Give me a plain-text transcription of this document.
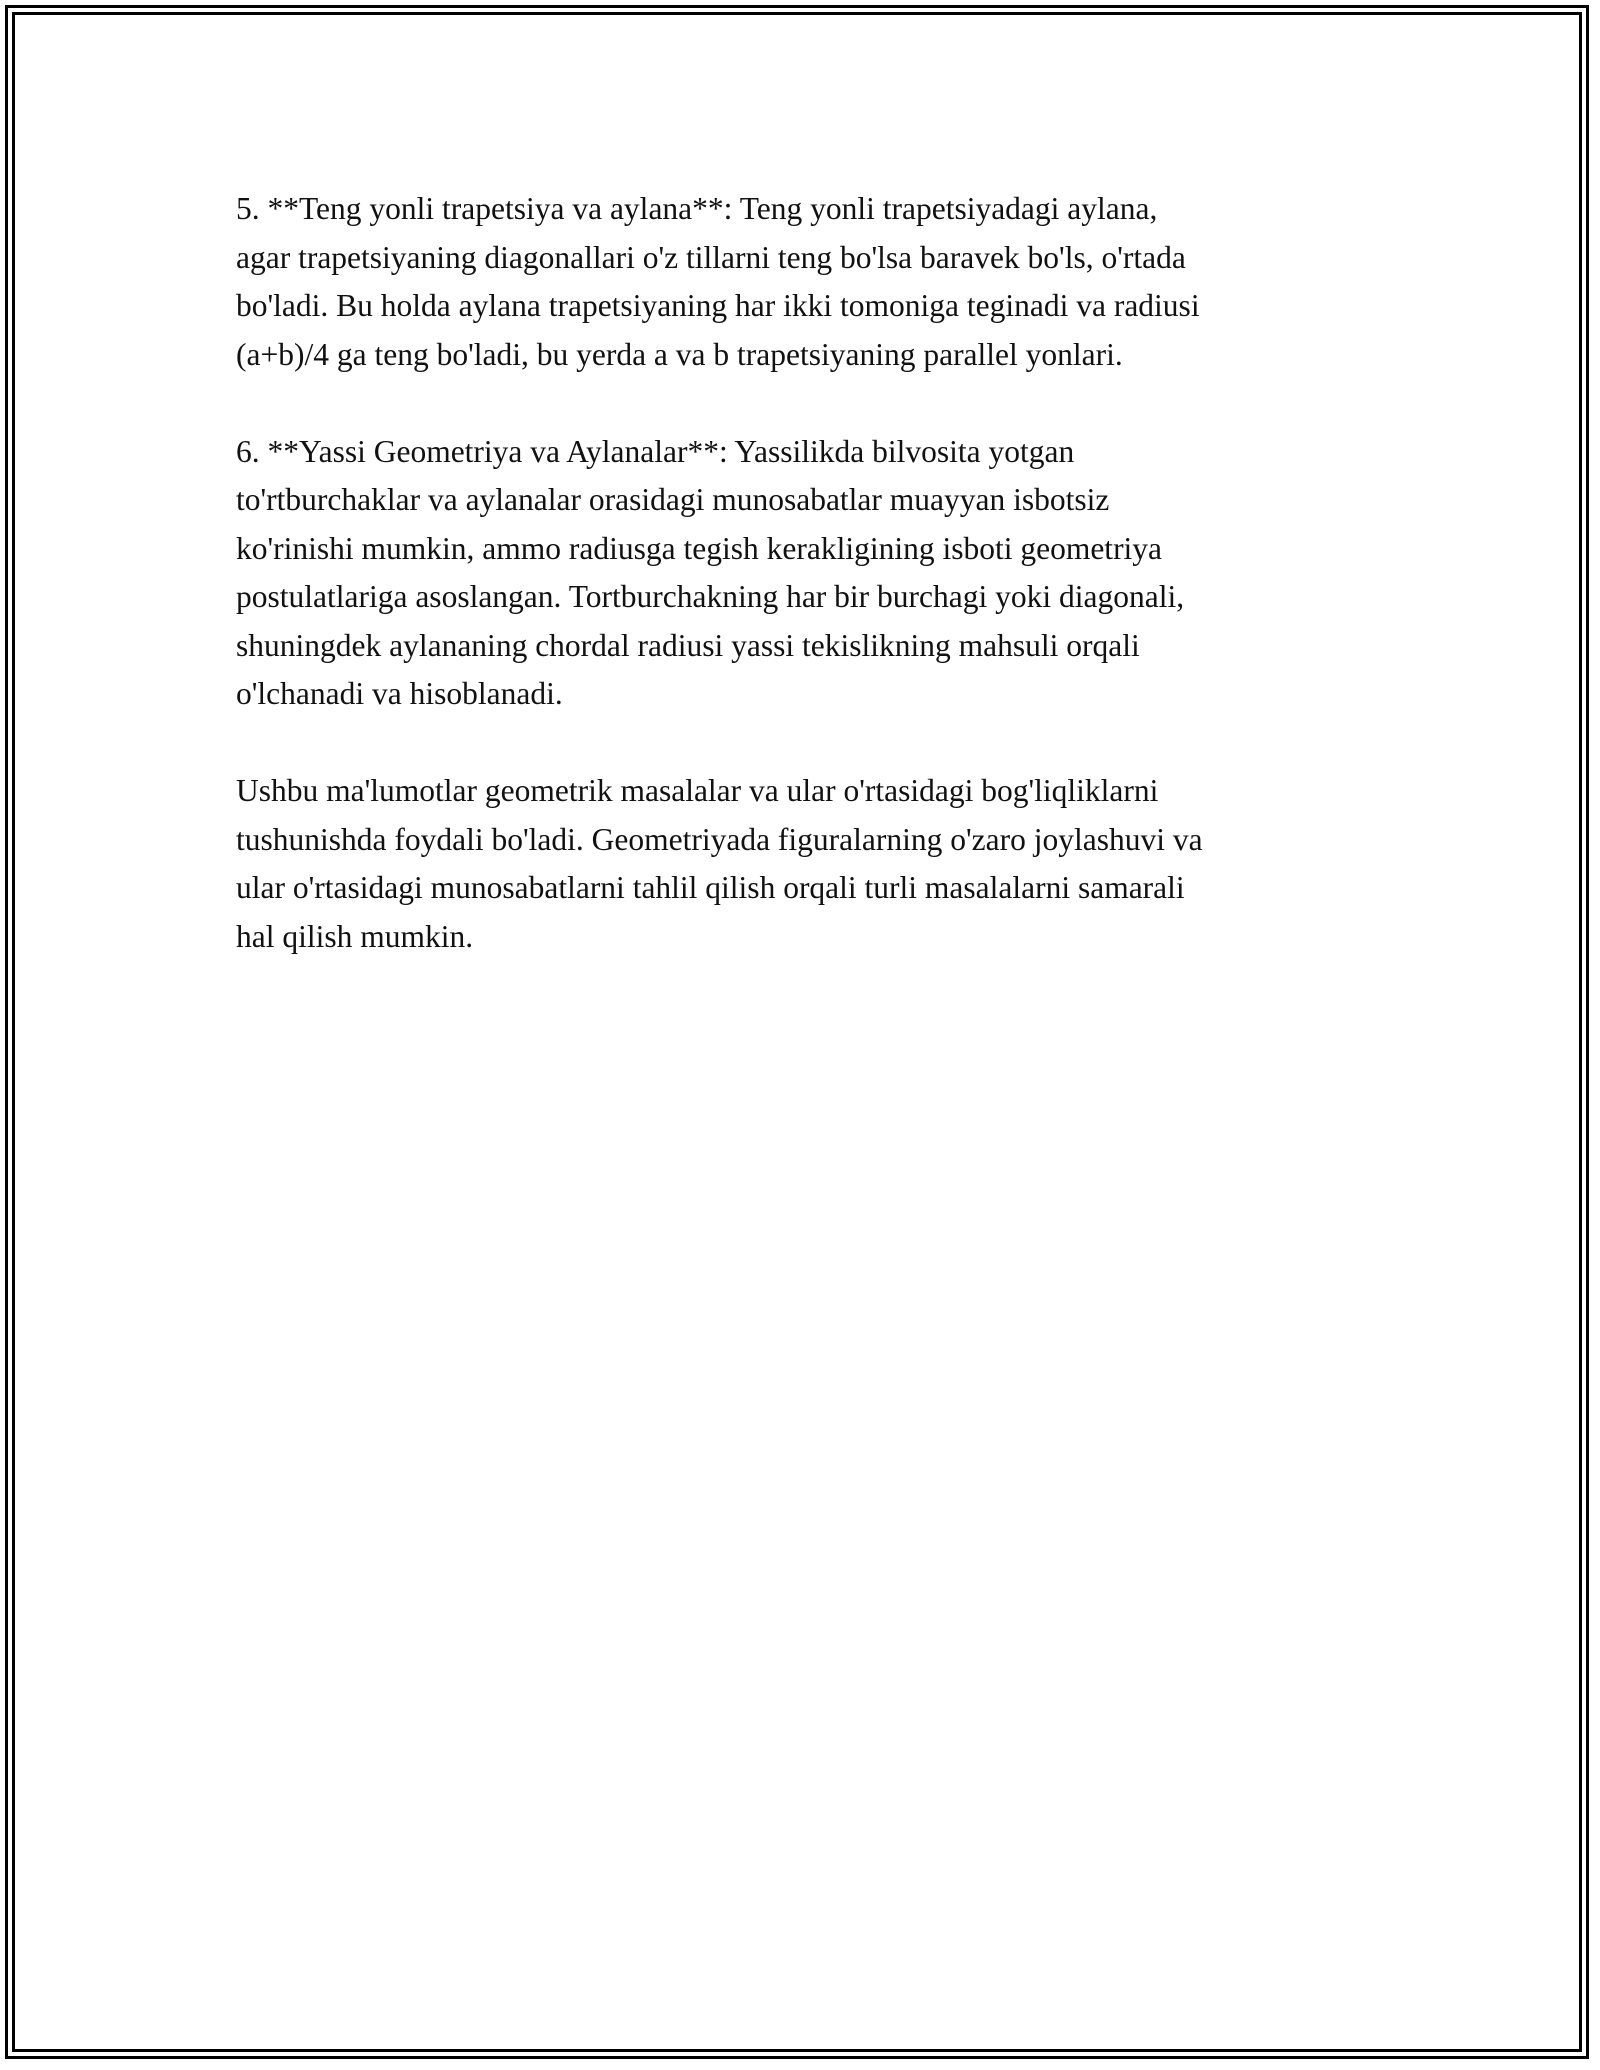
5. **Teng yonli trapetsiya va aylana**: Teng yonli trapetsiyadagi aylana,
agar trapetsiyaning diagonallari o'z tillarni teng bo'lsa baravek bo'ls, o'rtada
bo'ladi. Bu holda aylana trapetsiyaning har ikki tomoniga teginadi va radiusi
(a+b)/4 ga teng bo'ladi, bu yerda a va b trapetsiyaning parallel yonlari.

6. **Yassi Geometriya va Aylanalar**: Yassilikda bilvosita yotgan
to'rtburchaklar va aylanalar orasidagi munosabatlar muayyan isbotsiz
ko'rinishi mumkin, ammo radiusga tegish kerakligining isboti geometriya
postulatlariga asoslangan. Tortburchakning har bir burchagi yoki diagonali,
shuningdek aylananing chordal radiusi yassi tekislikning mahsuli orqali
o'lchanadi va hisoblanadi.

Ushbu ma'lumotlar geometrik masalalar va ular o'rtasidagi bog'liqliklarni
tushunishda foydali bo'ladi. Geometriyada figuralarning o'zaro joylashuvi va
ular o'rtasidagi munosabatlarni tahlil qilish orqali turli masalalarni samarali
hal qilish mumkin.
